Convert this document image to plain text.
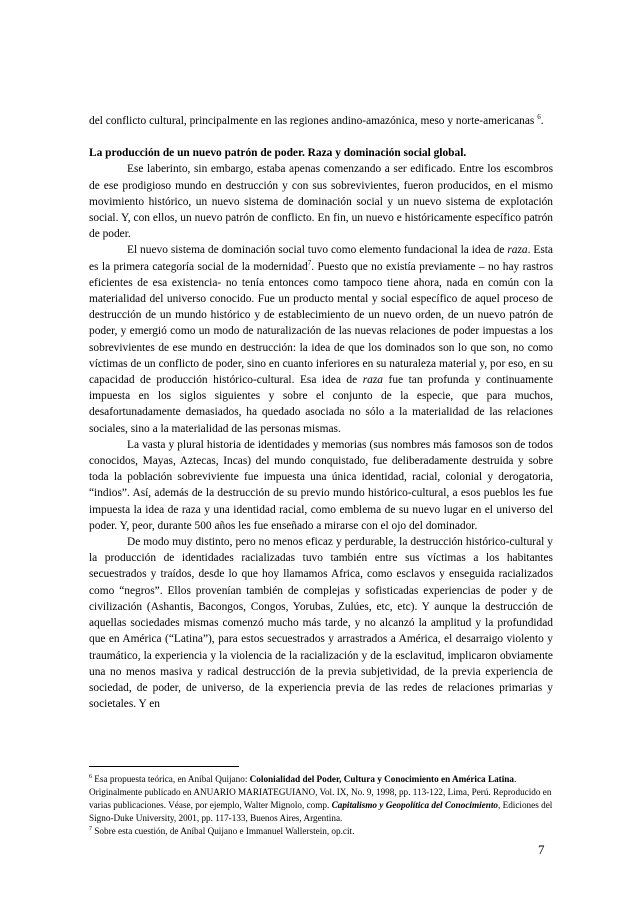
del conflicto cultural, principalmente en las regiones andino-amazónica, meso y norte-americanas $^6$.

La producción de un nuevo patrón de poder. Raza y dominación social global.

Ese laberinto, sin embargo, estaba apenas comenzando a ser edificado. Entre los escombros de ese prodigioso mundo en destrucción y con sus sobrevivientes, fueron producidos, en el mismo movimiento histórico, un nuevo sistema de dominación social y un nuevo sistema de explotación social. Y, con ellos, un nuevo patrón de conflicto. En fin, un nuevo e históricamente específico patrón de poder.

El nuevo sistema de dominación social tuvo como elemento fundacional la idea de raza. Esta es la primera categoría social de la modernidad$^7$. Puesto que no existía previamente – no hay rastros eficientes de esa existencia- no tenía entonces como tampoco tiene ahora, nada en común con la materialidad del universo conocido. Fue un producto mental y social específico de aquel proceso de destrucción de un mundo histórico y de establecimiento de un nuevo orden, de un nuevo patrón de poder, y emergió como un modo de naturalización de las nuevas relaciones de poder impuestas a los sobrevivientes de ese mundo en destrucción: la idea de que los dominados son lo que son, no como víctimas de un conflicto de poder, sino en cuanto inferiores en su naturaleza material y, por eso, en su capacidad de producción histórico-cultural. Esa idea de raza fue tan profunda y continuamente impuesta en los siglos siguientes y sobre el conjunto de la especie, que para muchos, desafortunadamente demasiados, ha quedado asociada no sólo a la materialidad de las relaciones sociales, sino a la materialidad de las personas mismas.

La vasta y plural historia de identidades y memorias (sus nombres más famosos son de todos conocidos, Mayas, Aztecas, Incas) del mundo conquistado, fue deliberadamente destruida y sobre toda la población sobreviviente fue impuesta una única identidad, racial, colonial y derogatoria, “indios”. Así, además de la destrucción de su previo mundo histórico-cultural, a esos pueblos les fue impuesta la idea de raza y una identidad racial, como emblema de su nuevo lugar en el universo del poder. Y, peor, durante 500 años les fue enseñado a mirarse con el ojo del dominador.

De modo muy distinto, pero no menos eficaz y perdurable, la destrucción histórico-cultural y la producción de identidades racializadas tuvo también entre sus víctimas a los habitantes secuestrados y traídos, desde lo que hoy llamamos Africa, como esclavos y enseguida racializados como “negros”. Ellos provenían también de complejas y sofisticadas experiencias de poder y de civilización (Ashantis, Bacongos, Congos, Yorubas, Zulúes, etc, etc). Y aunque la destrucción de aquellas sociedades mismas comenzó mucho más tarde, y no alcanzó la amplitud y la profundidad que en América (“Latina”), para estos secuestrados y arrastrados a América, el desarraigo violento y traumático, la experiencia y la violencia de la racialización y de la esclavitud, implicaron obviamente una no menos masiva y radical destrucción de la previa subjetividad, de la previa experiencia de sociedad, de poder, de universo, de la experiencia previa de las redes de relaciones primarias y societales. Y en

$^6$ Esa propuesta teórica, en Aníbal Quijano: Colonialidad del Poder, Cultura y Conocimiento en América Latina. Originalmente publicado en ANUARIO MARIATEGUIANO, Vol. IX, No. 9, 1998, pp. 113-122, Lima, Perú. Reproducido en varias publicaciones. Véase, por ejemplo, Walter Mignolo, comp. Capitalismo y Geopolítica del Conocimiento, Ediciones del Signo-Duke University, 2001, pp. 117-133, Buenos Aires, Argentina.

$^7$ Sobre esta cuestión, de Aníbal Quijano e Immanuel Wallerstein, op.cit.

7
